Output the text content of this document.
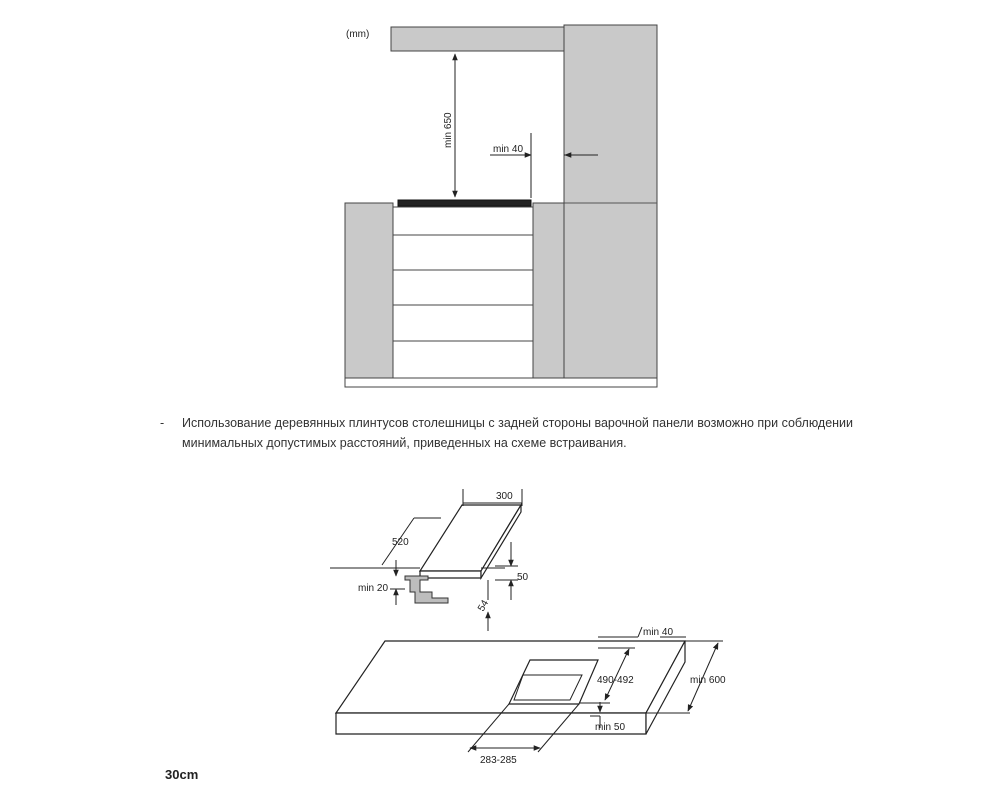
min 650
min 40
(mm)
300
520
50
min 20
54
min 40
490-492	min 600
min 50
283-285
- Использование деревянных плинтусов столешницы с задней стороны варочной панели возможно при соблюдении минимальных допустимых расстояний, приведенных на схеме встраивания.
30cm
